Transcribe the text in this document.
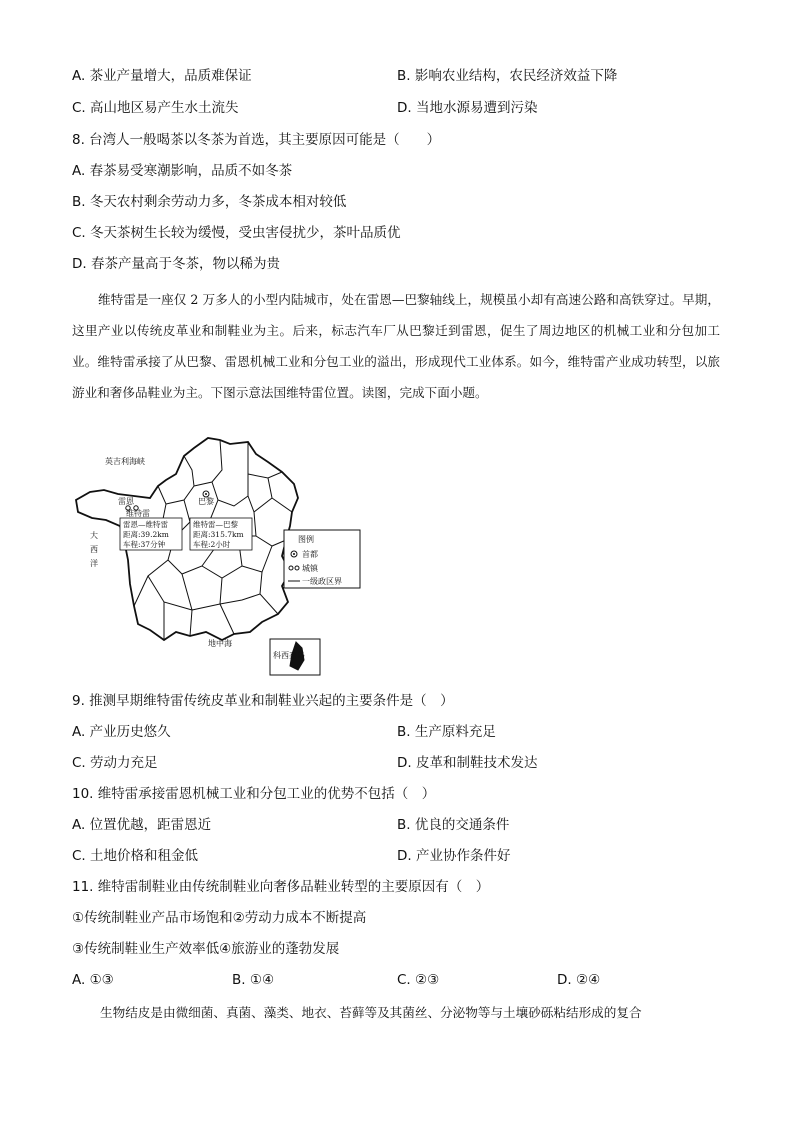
A. 茶业产量增大，品质难保证	B. 影响农业结构，农民经济效益下降
C. 高山地区易产生水土流失	D. 当地水源易遭到污染
8. 台湾人一般喝茶以冬茶为首选，其主要原因可能是（　　）
A. 春茶易受寒潮影响，品质不如冬茶
B. 冬天农村剩余劳动力多，冬茶成本相对较低
C. 冬天茶树生长较为缓慢，受虫害侵扰少，茶叶品质优
D. 春茶产量高于冬茶，物以稀为贵
维特雷是一座仅 2 万多人的小型内陆城市，处在雷恩—巴黎轴线上，规模虽小却有高速公路和高铁穿过。早期，这里产业以传统皮革业和制鞋业为主。后来，标志汽车厂从巴黎迁到雷恩，促生了周边地区的机械工业和分包加工业。维特雷承接了从巴黎、雷恩机械工业和分包工业的溢出，形成现代工业体系。如今，维特雷产业成功转型，以旅游业和奢侈品鞋业为主。下图示意法国维特雷位置。读图，完成下面小题。
科西嘉岛
英吉利海峡
大
西
洋
地中海
雷恩
维特雷
巴黎
雷恩—维特雷
距离:39.2km
车程:37分钟
维特雷—巴黎
距离:315.7km
车程:2小时
图例
首都
城镇
一级政区界
9. 推测早期维特雷传统皮革业和制鞋业兴起的主要条件是（　）
A. 产业历史悠久	B. 生产原料充足
C. 劳动力充足	D. 皮革和制鞋技术发达
10. 维特雷承接雷恩机械工业和分包工业的优势不包括（　）
A. 位置优越，距雷恩近	B. 优良的交通条件
C. 土地价格和租金低	D. 产业协作条件好
11. 维特雷制鞋业由传统制鞋业向奢侈品鞋业转型的主要原因有（　）
①传统制鞋业产品市场饱和②劳动力成本不断提高
③传统制鞋业生产效率低④旅游业的蓬勃发展
A. ①③	B. ①④	C. ②③	D. ②④
生物结皮是由微细菌、真菌、藻类、地衣、苔藓等及其菌丝、分泌物等与土壤砂砾粘结形成的复合
